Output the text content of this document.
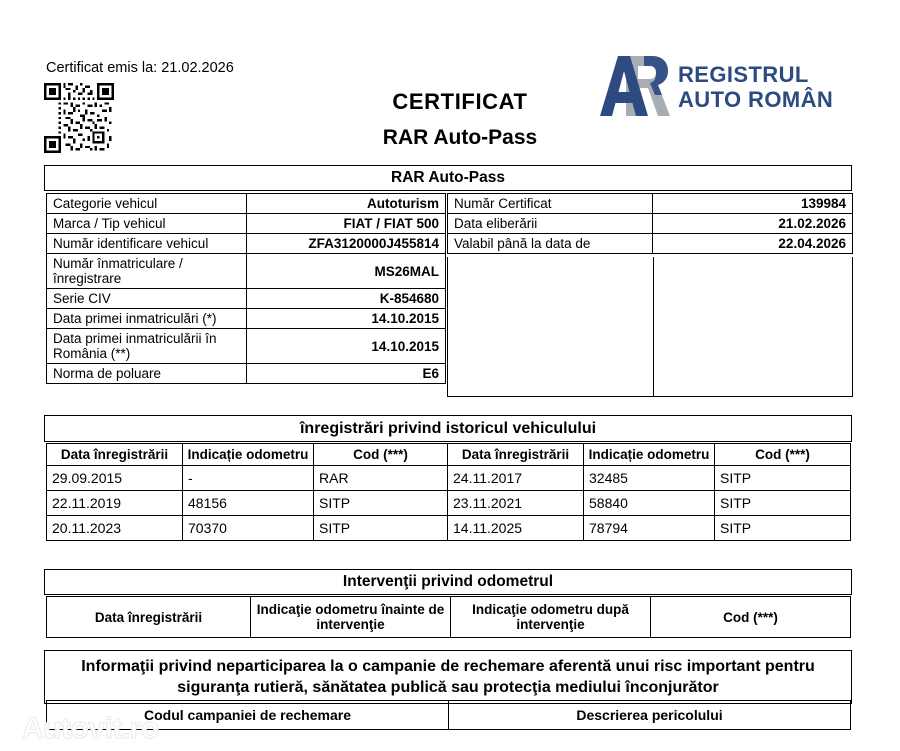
Certificat emis la: 21.02.2026
CERTIFICAT
RAR Auto-Pass
REGISTRUL
AUTO ROMÂN
RAR Auto-Pass
Categorie vehicul	Autoturism
Marca / Tip vehicul	FIAT / FIAT 500
Număr identificare vehicul	ZFA3120000J455814
Număr înmatriculare / înregistrare	MS26MAL
Serie CIV	K-854680
Data primei inmatriculări (*)	14.10.2015
Data primei inmatriculării în România (**)	14.10.2015
Norma de poluare	E6
Număr Certificat	139984
Data eliberării	21.02.2026
Valabil până la data de	22.04.2026
înregistrări privind istoricul vehiculului
Data înregistrării	Indicație odometru	Cod (***)	Data înregistrării	Indicație odometru	Cod (***)
29.09.2015	-	RAR	24.11.2017	32485	SITP
22.11.2019	48156	SITP	23.11.2021	58840	SITP
20.11.2023	70370	SITP	14.11.2025	78794	SITP
Intervenţii privind odometrul
Data înregistrării	Indicaţie odometru înainte de intervenţie	Indicaţie odometru după intervenţie	Cod (***)
Informaţii privind neparticiparea la o campanie de rechemare aferentă unui risc important pentru siguranţa rutieră, sănătatea publică sau protecţia mediului înconjurător
Codul campaniei de rechemare	Descrierea pericolului
Autovit.ro
